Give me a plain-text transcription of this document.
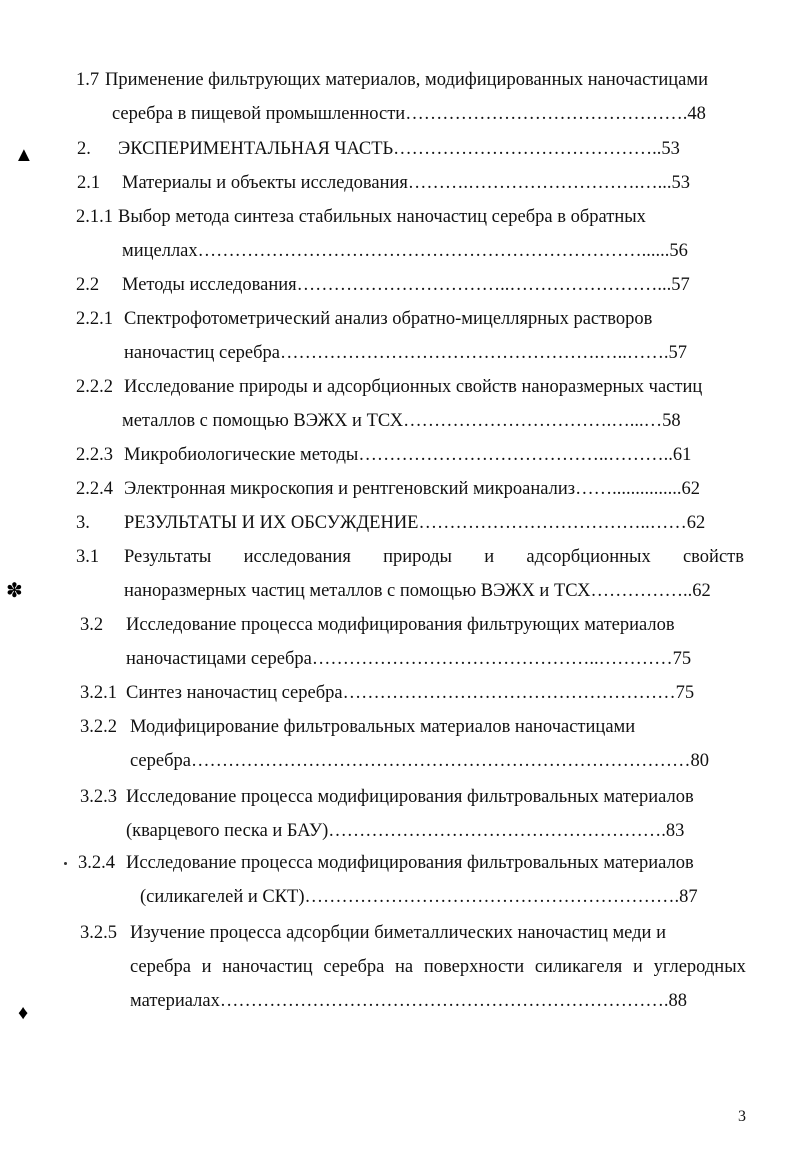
▲
✽
♦
1.7 Применение фильтрующих материалов, модифицированных наночастицами
серебра в пищевой промышленности……………………………………….48
2. ЭКСПЕРИМЕНТАЛЬНАЯ ЧАСТЬ……………………………………..53
2.1 Материалы и объекты исследования……….……………………….…...53
2.1.1 Выбор метода синтеза стабильных наночастиц серебра в обратных
мицеллах………………………………………………………………......56
2.2 Методы исследования……………………………..……………………...57
2.2.1 Спектрофотометрический анализ обратно-мицеллярных растворов
наночастиц серебра…………………………………………….…..…….57
2.2.2 Исследование природы и адсорбционных свойств наноразмерных частиц
металлов с помощью ВЭЖХ и ТСХ…………………………….…...…58
2.2.3 Микробиологические методы…………………………………..………..61
2.2.4 Электронная микроскопия и рентгеновский микроанализ……...............62
3. РЕЗУЛЬТАТЫ И ИХ ОБСУЖДЕНИЕ………………………………..……62
3.1 Результаты исследования природы и адсорбционных свойств
наноразмерных частиц металлов с помощью ВЭЖХ и ТСХ……………..62
3.2 Исследование процесса модифицирования фильтрующих материалов
наночастицами серебра………………………………………..…………75
3.2.1 Синтез наночастиц серебра………………………………………………75
3.2.2 Модифицирование фильтровальных материалов наночастицами
серебра………………………………………………………………………80
3.2.3 Исследование процесса модифицирования фильтровальных материалов
(кварцевого песка и БАУ)……………………………………………….83
3.2.4 Исследование процесса модифицирования фильтровальных материалов
(силикагелей и СКТ)…………………………………………………….87
3.2.5 Изучение процесса адсорбции биметаллических наночастиц меди и
серебра и наночастиц серебра на поверхности силикагеля и углеродных
материалах……………………………………………………………….88
3
